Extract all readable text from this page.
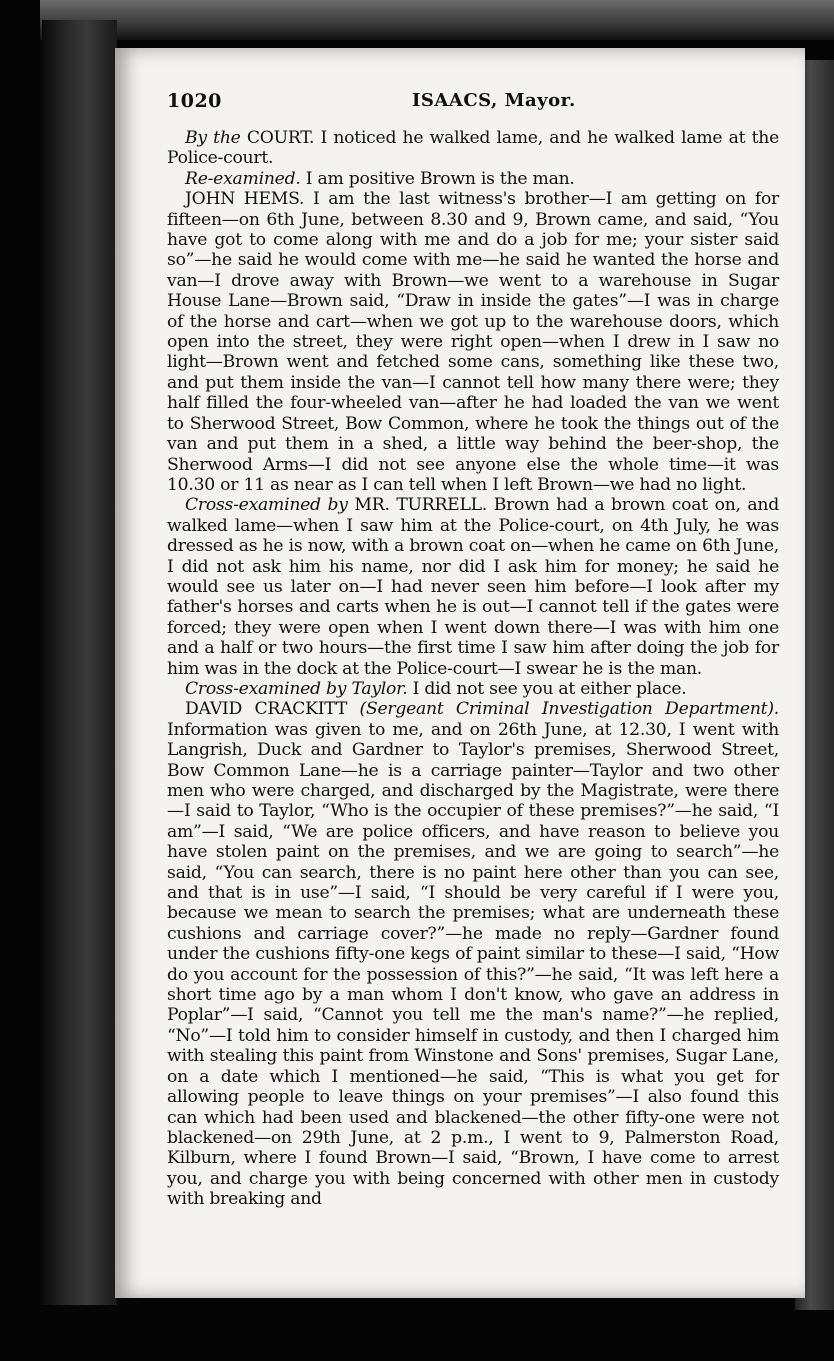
1020	ISAACS, Mayor.

By the COURT. I noticed he walked lame, and he walked lame at the Police-court.

Re-examined. I am positive Brown is the man.

JOHN HEMS. I am the last witness's brother—I am getting on for fifteen—on 6th June, between 8.30 and 9, Brown came, and said, “You have got to come along with me and do a job for me; your sister said so”—he said he would come with me—he said he wanted the horse and van—I drove away with Brown—we went to a warehouse in Sugar House Lane—Brown said, “Draw in inside the gates”—I was in charge of the horse and cart—when we got up to the warehouse doors, which open into the street, they were right open—when I drew in I saw no light—Brown went and fetched some cans, something like these two, and put them inside the van—I cannot tell how many there were; they half filled the four-wheeled van—after he had loaded the van we went to Sherwood Street, Bow Common, where he took the things out of the van and put them in a shed, a little way behind the beer-shop, the Sherwood Arms—I did not see anyone else the whole time—it was 10.30 or 11 as near as I can tell when I left Brown—we had no light.

Cross-examined by MR. TURRELL. Brown had a brown coat on, and walked lame—when I saw him at the Police-court, on 4th July, he was dressed as he is now, with a brown coat on—when he came on 6th June, I did not ask him his name, nor did I ask him for money; he said he would see us later on—I had never seen him before—I look after my father's horses and carts when he is out—I cannot tell if the gates were forced; they were open when I went down there—I was with him one and a half or two hours—the first time I saw him after doing the job for him was in the dock at the Police-court—I swear he is the man.

Cross-examined by Taylor. I did not see you at either place.

DAVID CRACKITT (Sergeant Criminal Investigation Department). Information was given to me, and on 26th June, at 12.30, I went with Langrish, Duck and Gardner to Taylor's premises, Sherwood Street, Bow Common Lane—he is a carriage painter—Taylor and two other men who were charged, and discharged by the Magistrate, were there—I said to Taylor, “Who is the occupier of these premises?”—he said, “I am”—I said, “We are police officers, and have reason to believe you have stolen paint on the premises, and we are going to search”—he said, “You can search, there is no paint here other than you can see, and that is in use”—I said, “I should be very careful if I were you, because we mean to search the premises; what are underneath these cushions and carriage cover?”—he made no reply—Gardner found under the cushions fifty-one kegs of paint similar to these—I said, “How do you account for the possession of this?”—he said, “It was left here a short time ago by a man whom I don't know, who gave an address in Poplar”—I said, “Cannot you tell me the man's name?”—he replied, “No”—I told him to consider himself in custody, and then I charged him with stealing this paint from Winstone and Sons' premises, Sugar Lane, on a date which I mentioned—he said, “This is what you get for allowing people to leave things on your premises”—I also found this can which had been used and blackened—the other fifty-one were not blackened—on 29th June, at 2 p.m., I went to 9, Palmerston Road, Kilburn, where I found Brown—I said, “Brown, I have come to arrest you, and charge you with being concerned with other men in custody with breaking and
